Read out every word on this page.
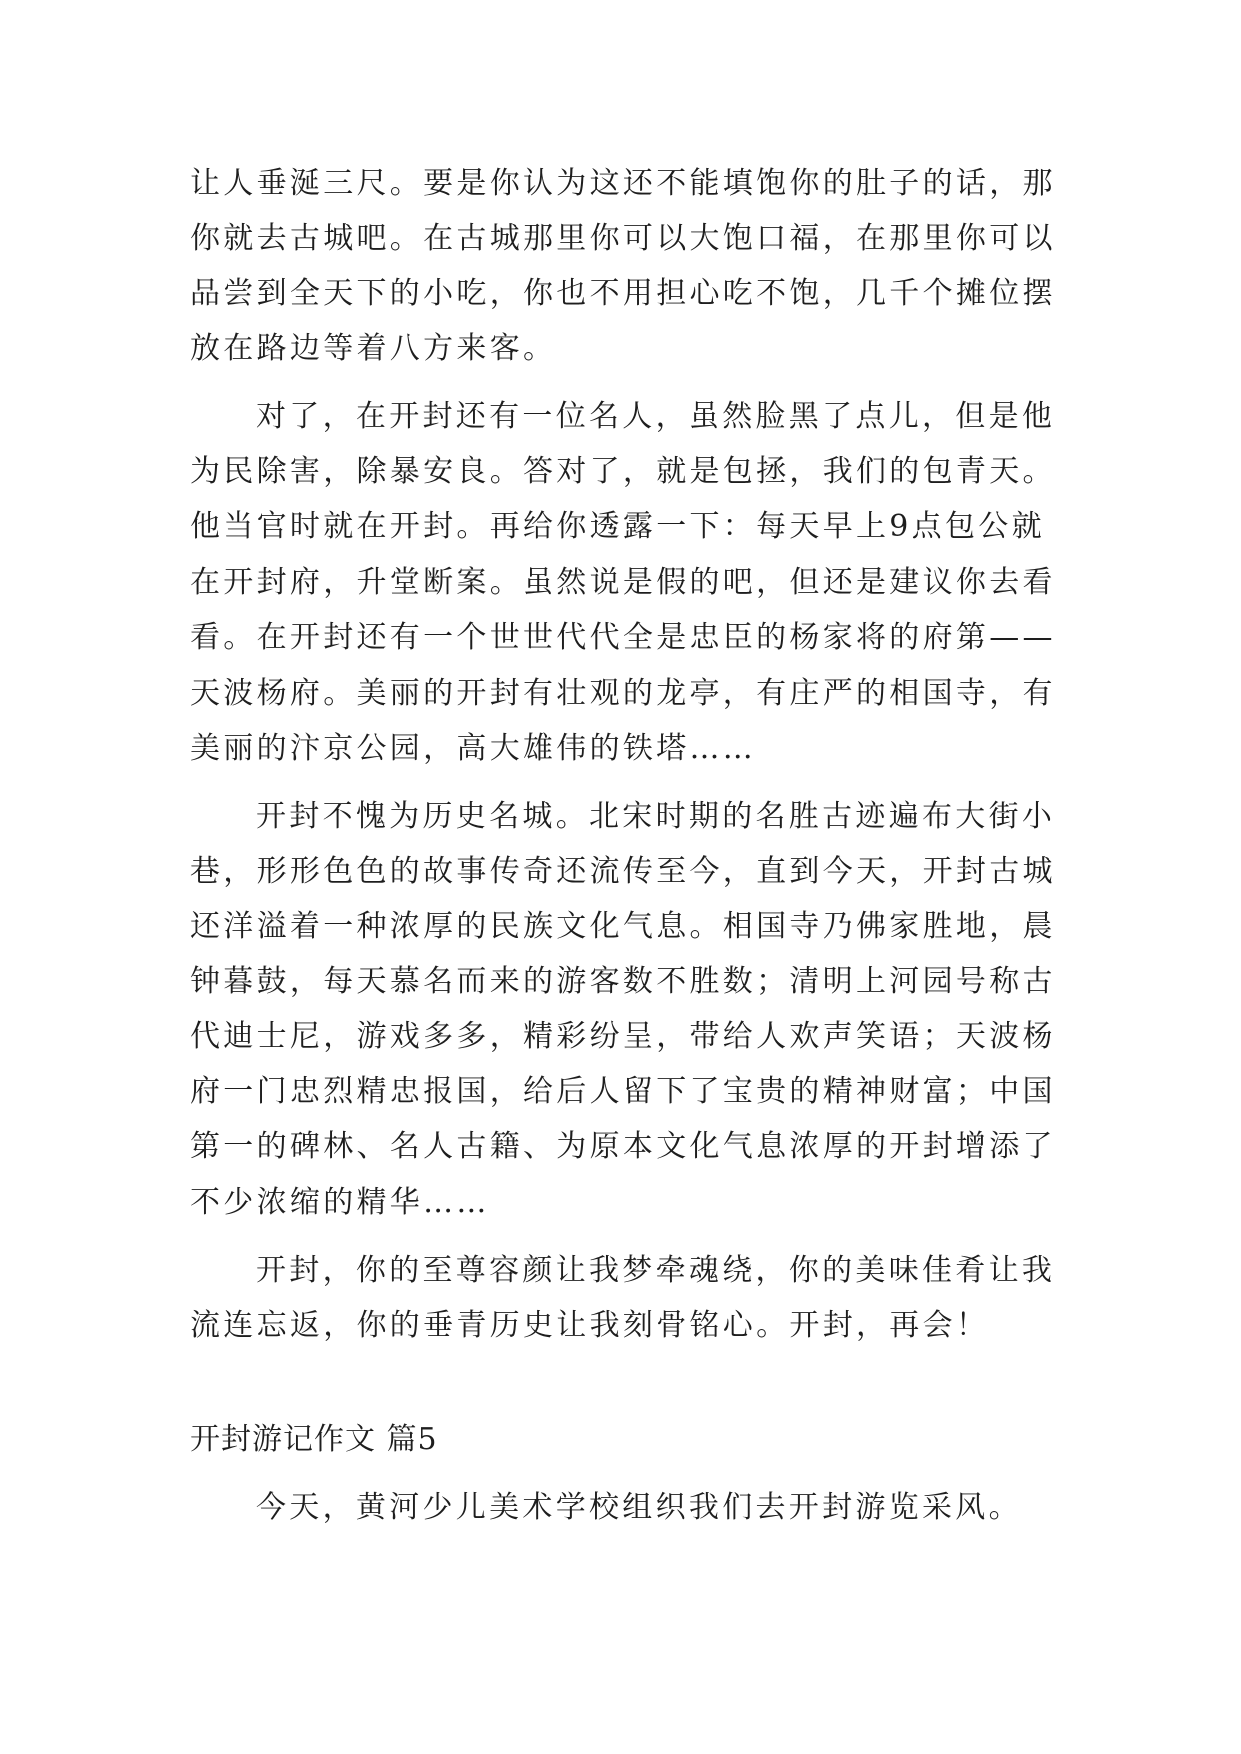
让人垂涎三尺。要是你认为这还不能填饱你的肚子的话，那
你就去古城吧。在古城那里你可以大饱口福，在那里你可以
品尝到全天下的小吃，你也不用担心吃不饱，几千个摊位摆
放在路边等着八方来客。
对了，在开封还有一位名人，虽然脸黑了点儿，但是他
为民除害，除暴安良。答对了，就是包拯，我们的包青天。
他当官时就在开封。再给你透露一下：每天早上9点包公就
在开封府，升堂断案。虽然说是假的吧，但还是建议你去看
看。在开封还有一个世世代代全是忠臣的杨家将的府第——
天波杨府。美丽的开封有壮观的龙亭，有庄严的相国寺，有
美丽的汴京公园，高大雄伟的铁塔……
开封不愧为历史名城。北宋时期的名胜古迹遍布大街小
巷，形形色色的故事传奇还流传至今，直到今天，开封古城
还洋溢着一种浓厚的民族文化气息。相国寺乃佛家胜地，晨
钟暮鼓，每天慕名而来的游客数不胜数；清明上河园号称古
代迪士尼，游戏多多，精彩纷呈，带给人欢声笑语；天波杨
府一门忠烈精忠报国，给后人留下了宝贵的精神财富；中国
第一的碑林、名人古籍、为原本文化气息浓厚的开封增添了
不少浓缩的精华……
开封，你的至尊容颜让我梦牵魂绕，你的美味佳肴让我
流连忘返，你的垂青历史让我刻骨铭心。开封，再会！
开封游记作文 篇5
今天，黄河少儿美术学校组织我们去开封游览采风。
